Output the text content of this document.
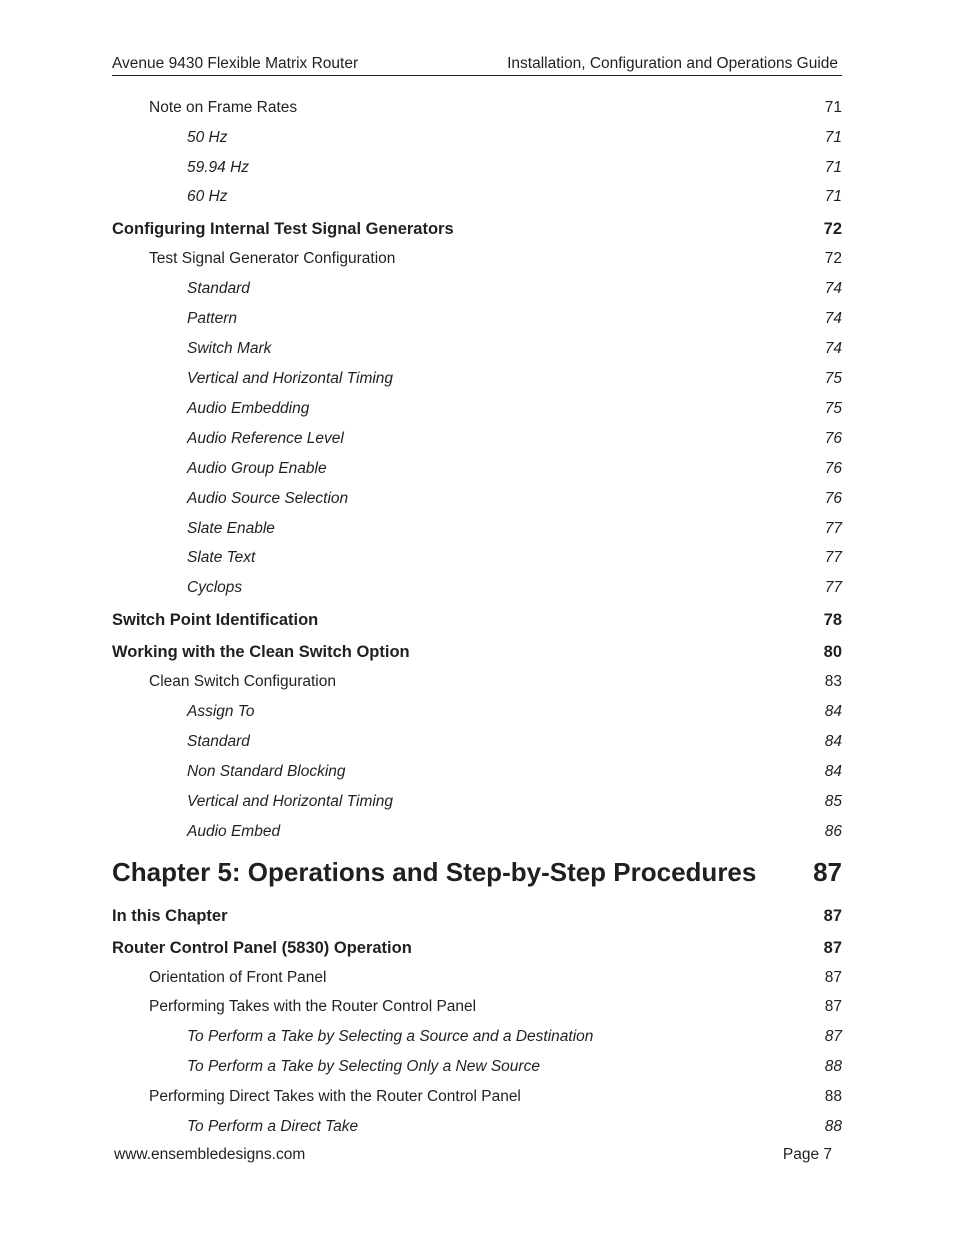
Avenue 9430 Flexible Matrix Router	Installation, Configuration and Operations Guide
Note on Frame Rates	71
50 Hz	71
59.94 Hz	71
60 Hz	71
Configuring Internal Test Signal Generators	72
Test Signal Generator Configuration	72
Standard	74
Pattern	74
Switch Mark	74
Vertical and Horizontal Timing	75
Audio Embedding	75
Audio Reference Level	76
Audio Group Enable	76
Audio Source Selection	76
Slate Enable	77
Slate Text	77
Cyclops	77
Switch Point Identification	78
Working with the Clean Switch Option	80
Clean Switch Configuration	83
Assign To	84
Standard	84
Non Standard Blocking	84
Vertical and Horizontal Timing	85
Audio Embed	86
Chapter 5: Operations and Step-by-Step Procedures 87
In this Chapter	87
Router Control Panel (5830) Operation	87
Orientation of Front Panel	87
Performing Takes with the Router Control Panel	87
To Perform a Take by Selecting a Source and a Destination	87
To Perform a Take by Selecting Only a New Source	88
Performing Direct Takes with the Router Control Panel	88
To Perform a Direct Take	88
www.ensembledesigns.com	Page 7
